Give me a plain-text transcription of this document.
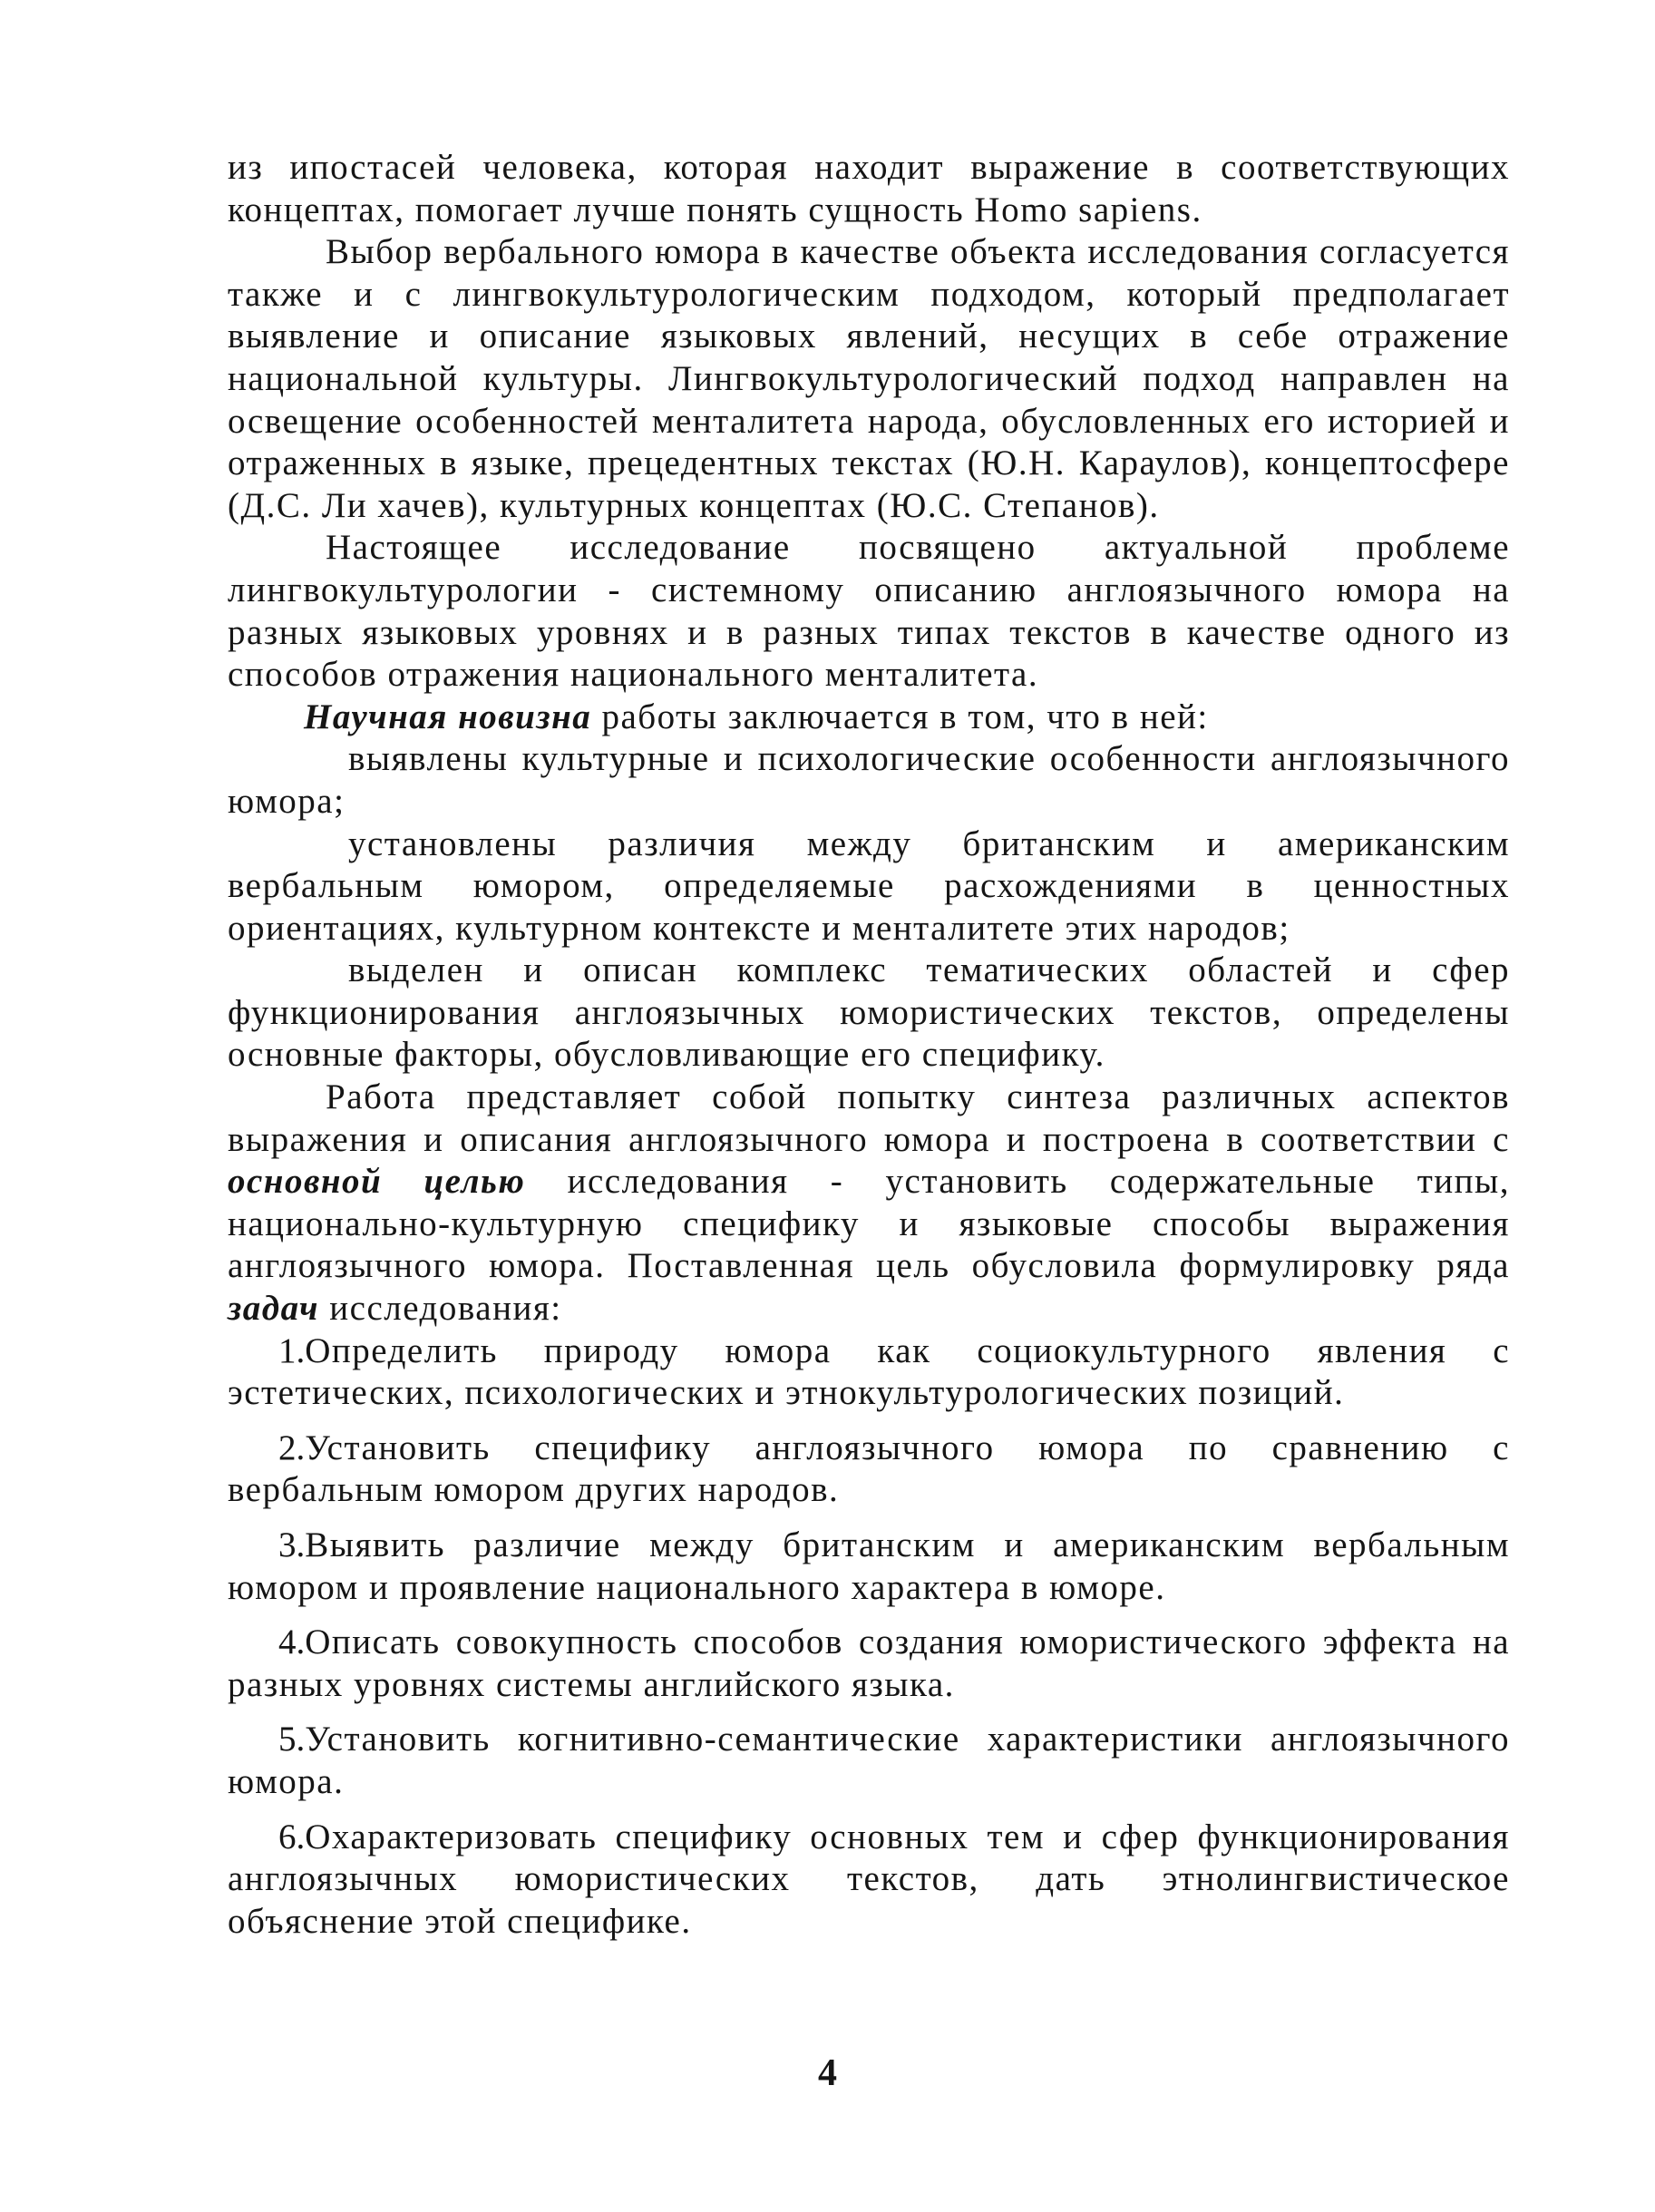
из ипостасей человека, которая находит выражение в соответствующих концептах, помогает лучше понять сущность Homo sapiens.

Выбор вербального юмора в качестве объекта исследования согласуется также и с лингвокультурологическим подходом, который предполагает выявление и описание языковых явлений, несущих в себе отражение национальной культуры. Лингвокультурологический подход направлен на освещение особенностей менталитета народа, обусловленных его историей и отраженных в языке, прецедентных текстах (Ю.Н. Караулов), концептосфере (Д.С. Ли хачев), культурных концептах (Ю.С. Степанов).

Настоящее исследование посвящено актуальной проблеме лингвокультурологии - системному описанию англоязычного юмора на разных языковых уровнях и в разных типах текстов в качестве одного из способов отражения национального менталитета.

Научная новизна работы заключается в том, что в ней:

выявлены культурные и психологические особенности англоязычного юмора;

установлены различия между британским и американским вербальным юмором, определяемые расхождениями в ценностных ориентациях, культурном контексте и менталитете этих народов;

выделен и описан комплекс тематических областей и сфер функционирования англоязычных юмористических текстов, определены основные факторы, обусловливающие его специфику.

Работа представляет собой попытку синтеза различных аспектов выражения и описания англоязычного юмора и построена в соответствии с основной целью исследования - установить содержательные типы, национально-культурную специфику и языковые способы выражения англоязычного юмора. Поставленная цель обусловила формулировку ряда задач исследования:

1.Определить природу юмора как социокультурного явления с эстетических, психологических и этнокультурологических позиций.

2.Установить специфику англоязычного юмора по сравнению с вербальным юмором других народов.

3.Выявить различие между британским и американским вербальным юмором и проявление национального характера в юморе.

4.Описать совокупность способов создания юмористического эффекта на разных уровнях системы английского языка.

5.Установить когнитивно-семантические характеристики англоязычного юмора.

6.Охарактеризовать специфику основных тем и сфер функционирования англоязычных юмористических текстов, дать этнолингвистическое объяснение этой специфике.

4
